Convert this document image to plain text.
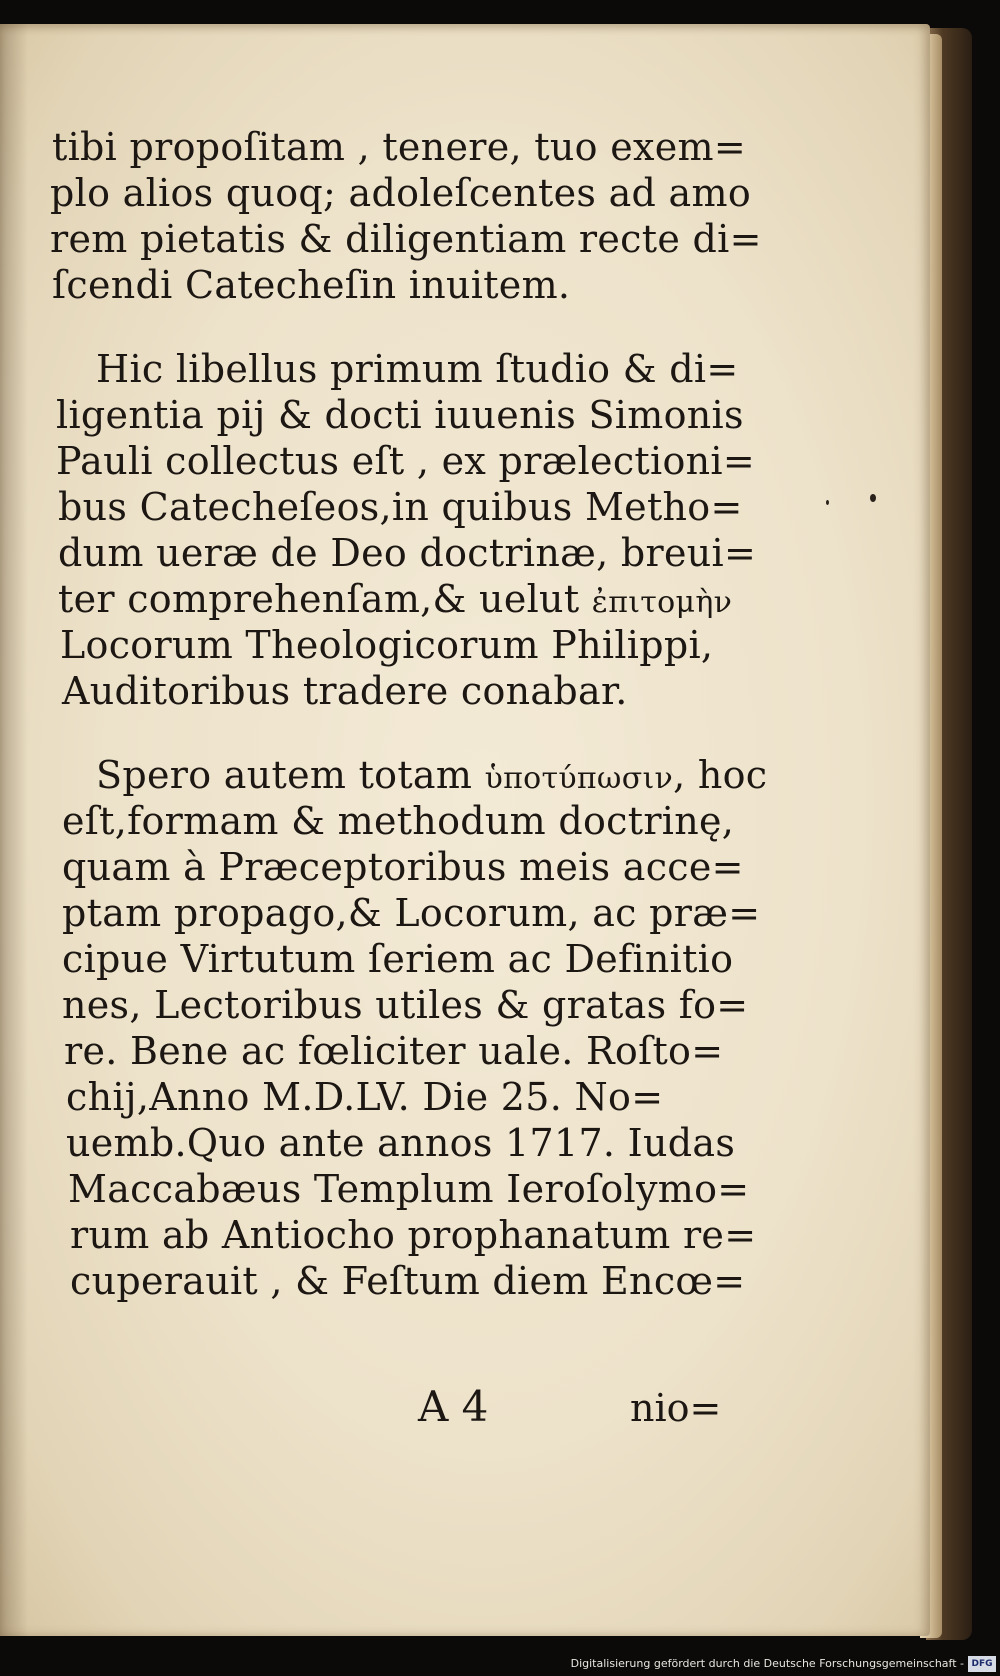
tibi propoſitam , tenere, tuo exem=
plo alios quoq; adoleſcentes ad amo
rem pietatis & diligentiam recte di=
ſcendi Catecheſin inuitem.
Hic libellus primum ſtudio & di=
ligentia pij & docti iuuenis Simonis
Pauli collectus eſt , ex prælectioni=
bus Catecheſeos,in quibus Metho=
dum ueræ de Deo doctrinæ, breui=
ter comprehenſam,& uelut ἐπιτομὴν
Locorum Theologicorum Philippi,
Auditoribus tradere conabar.
Spero autem totam ὑποτύπωσιν, hoc
eſt,formam & methodum doctrinę,
quam à Præceptoribus meis acce=
ptam propago,& Locorum, ac præ=
cipue Virtutum ſeriem ac Definitio
nes, Lectoribus utiles & gratas fo=
re. Bene ac fœliciter uale. Roſto=
chij,Anno M.D.LV. Die 25. No=
uemb.Quo ante annos 1717. Iudas
Maccabæus Templum Ieroſolymo=
rum ab Antiocho prophanatum re=
cuperauit , & Feſtum diem Encœ=
A 4	nio=
Digitalisierung gefördert durch die Deutsche Forschungsgemeinschaft - DFG
